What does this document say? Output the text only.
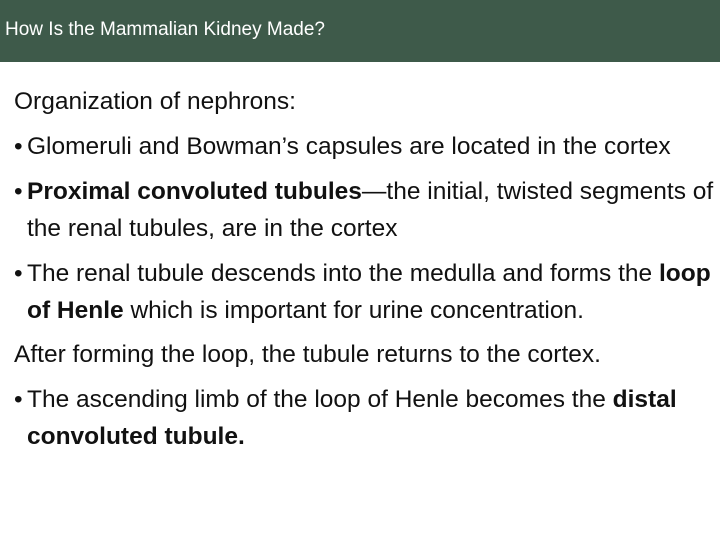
How Is the Mammalian Kidney Made?

Organization of nephrons:

• Glomeruli and Bowman’s capsules are located in the cortex

• Proximal convoluted tubules—the initial, twisted segments of the renal tubules, are in the cortex

• The renal tubule descends into the medulla and forms the loop of Henle which is important for urine concentration.

After forming the loop, the tubule returns to the cortex.

• The ascending limb of the loop of Henle becomes the distal convoluted tubule.
